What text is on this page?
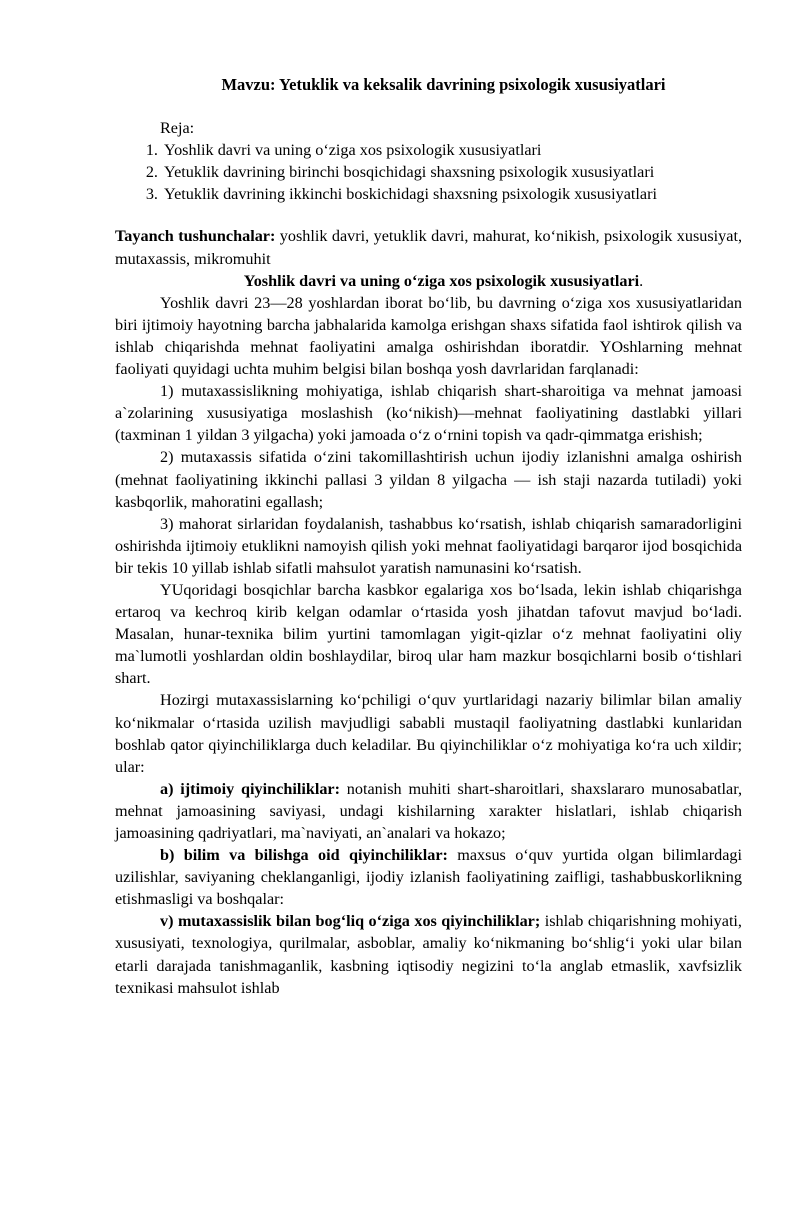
Mavzu: Yetuklik va keksalik davrining psixologik xususiyatlari
Reja:
1. Yoshlik davri va uning o‘ziga xos psixologik xususiyatlari
2. Yetuklik davrining birinchi bosqichidagi shaxsning psixologik xususiyatlari
3. Yetuklik davrining ikkinchi boskichidagi shaxsning psixologik xususiyatlari

Tayanch tushunchalar: yoshlik davri, yetuklik davri, mahurat, ko‘nikish, psixologik xususiyat, mutaxassis, mikromuhit

Yoshlik davri va uning o‘ziga xos psixologik xususiyatlari.

Yoshlik davri 23—28 yoshlardan iborat bo‘lib, bu davrning o‘ziga xos xususiyatlaridan biri ijtimoiy hayotning barcha jabhalarida kamolga erishgan shaxs sifatida faol ishtirok qilish va ishlab chiqarishda mehnat faoliyatini amalga oshirishdan iboratdir. YOshlarning mehnat faoliyati quyidagi uchta muhim belgisi bilan boshqa yosh davrlaridan farqlanadi:

1) mutaxassislikning mohiyatiga, ishlab chiqarish shart-sharoitiga va mehnat jamoasi a`zolarining xususiyatiga moslashish (ko‘nikish)—mehnat faoliyatining dastlabki yillari (taxminan 1 yildan 3 yilgacha) yoki jamoada o‘z o‘rnini topish va qadr-qimmatga erishish;

2) mutaxassis sifatida o‘zini takomillashtirish uchun ijodiy izlanishni amalga oshirish (mehnat faoliyatining ikkinchi pallasi 3 yildan 8 yilgacha — ish staji nazarda tutiladi) yoki kasbqorlik, mahoratini egallash;

3) mahorat sirlaridan foydalanish, tashabbus ko‘rsatish, ishlab chiqarish samaradorligini oshirishda ijtimoiy etuklikni namoyish qilish yoki mehnat faoliyatidagi barqaror ijod bosqichida bir tekis 10 yillab ishlab sifatli mahsulot yaratish namunasini ko‘rsatish.

YUqoridagi bosqichlar barcha kasbkor egalariga xos bo‘lsada, lekin ishlab chiqarishga ertaroq va kechroq kirib kelgan odamlar o‘rtasida yosh jihatdan tafovut mavjud bo‘ladi. Masalan, hunar-texnika bilim yurtini tamomlagan yigit-qizlar o‘z mehnat faoliyatini oliy ma`lumotli yoshlardan oldin boshlaydilar, biroq ular ham mazkur bosqichlarni bosib o‘tishlari shart.

Hozirgi mutaxassislarning ko‘pchiligi o‘quv yurtlaridagi nazariy bilimlar bilan amaliy ko‘nikmalar o‘rtasida uzilish mavjudligi sababli mustaqil faoliyatning dastlabki kunlaridan boshlab qator qiyinchiliklarga duch keladilar. Bu qiyinchiliklar o‘z mohiyatiga ko‘ra uch xildir; ular:

a) ijtimoiy qiyinchiliklar: notanish muhiti shart-sharoitlari, shaxslararo munosabatlar, mehnat jamoasining saviyasi, undagi kishilarning xarakter hislatlari, ishlab chiqarish jamoasining qadriyatlari, ma`naviyati, an`analari va hokazo;

b) bilim va bilishga oid qiyinchiliklar: maxsus o‘quv yurtida olgan bilimlardagi uzilishlar, saviyaning cheklanganligi, ijodiy izlanish faoliyatining zaifligi, tashabbuskorlikning etishmasligi va boshqalar:

v) mutaxassislik bilan bog‘liq o‘ziga xos qiyinchiliklar; ishlab chiqarishning mohiyati, xususiyati, texnologiya, qurilmalar, asboblar, amaliy ko‘nikmaning bo‘shlig‘i yoki ular bilan etarli darajada tanishmaganlik, kasbning iqtisodiy negizini to‘la anglab etmaslik, xavfsizlik texnikasi mahsulot ishlab
